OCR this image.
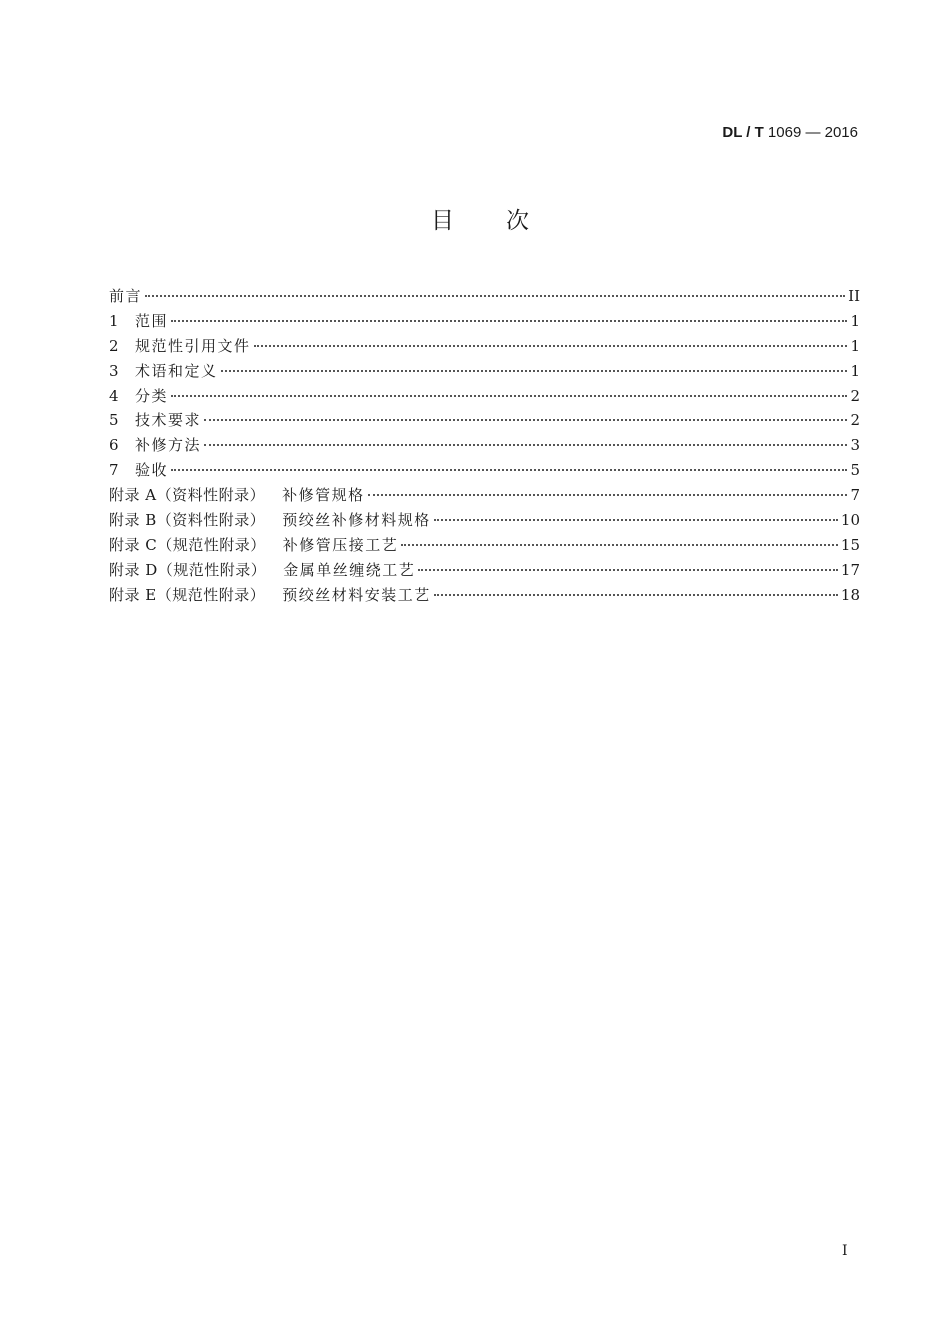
DL / T 1069 — 2016
目次
前言	II
1	范围	1
2	规范性引用文件	1
3	术语和定义	1
4	分类	2
5	技术要求	2
6	补修方法	3
7	验收	5
附录 A（资料性附录） 补修管规格	7
附录 B（资料性附录） 预绞丝补修材料规格	10
附录 C（规范性附录） 补修管压接工艺	15
附录 D（规范性附录） 金属单丝缠绕工艺	17
附录 E（规范性附录） 预绞丝材料安装工艺	18
I
